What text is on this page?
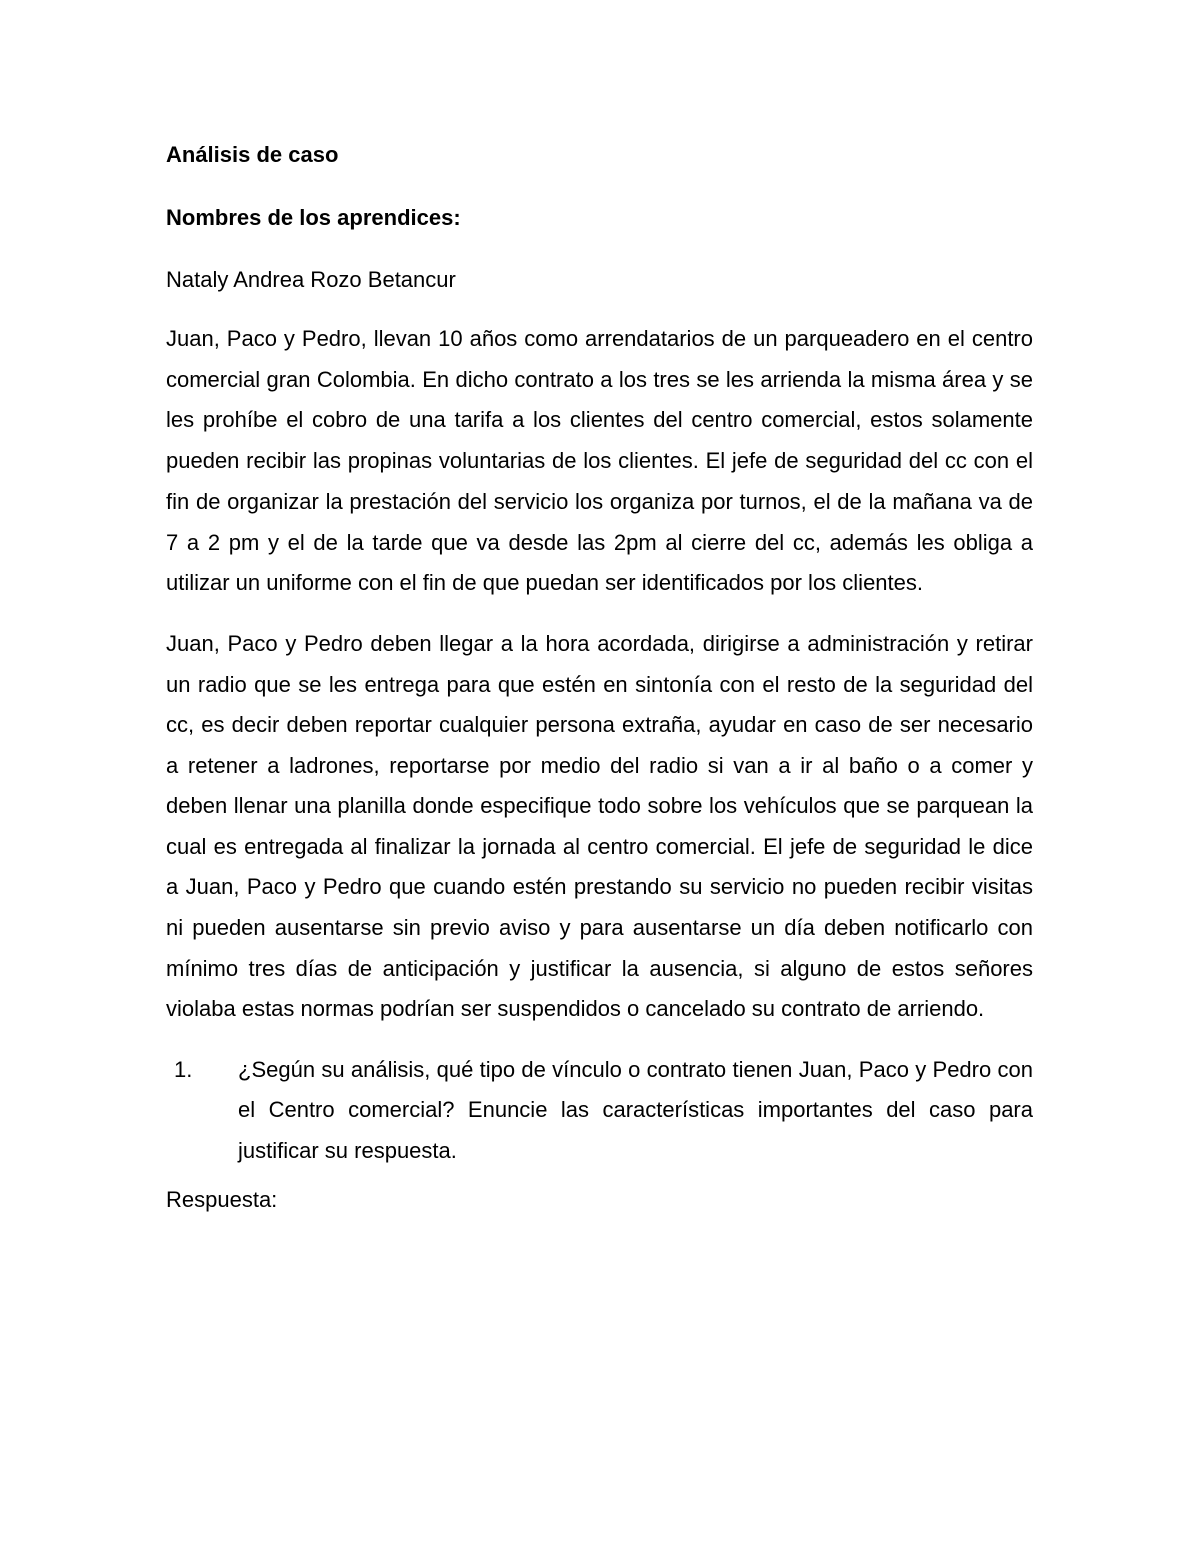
Análisis de caso

Nombres de los aprendices:

Nataly Andrea Rozo Betancur

Juan, Paco y Pedro, llevan 10 años como arrendatarios de un parqueadero en el centro comercial gran Colombia. En dicho contrato a los tres se les arrienda la misma área y se les prohíbe el cobro de una tarifa a los clientes del centro comercial, estos solamente pueden recibir las propinas voluntarias de los clientes. El jefe de seguridad del cc con el fin de organizar la prestación del servicio los organiza por turnos, el de la mañana va de 7 a 2 pm y el de la tarde que va desde las 2pm al cierre del cc, además les obliga a utilizar un uniforme con el fin de que puedan ser identificados por los clientes.

Juan, Paco y Pedro deben llegar a la hora acordada, dirigirse a administración y retirar un radio que se les entrega para que estén en sintonía con el resto de la seguridad del cc, es decir deben reportar cualquier persona extraña, ayudar en caso de ser necesario a retener a ladrones, reportarse por medio del radio si van a ir al baño o a comer y deben llenar una planilla donde especifique todo sobre los vehículos que se parquean la cual es entregada al finalizar la jornada al centro comercial. El jefe de seguridad le dice a Juan, Paco y Pedro que cuando estén prestando su servicio no pueden recibir visitas ni pueden ausentarse sin previo aviso y para ausentarse un día deben notificarlo con mínimo tres días de anticipación y justificar la ausencia, si alguno de estos señores violaba estas normas podrían ser suspendidos o cancelado su contrato de arriendo.

1.	¿Según su análisis, qué tipo de vínculo o contrato tienen Juan, Paco y Pedro con el Centro comercial? Enuncie las características importantes del caso para justificar su respuesta.

Respuesta:
